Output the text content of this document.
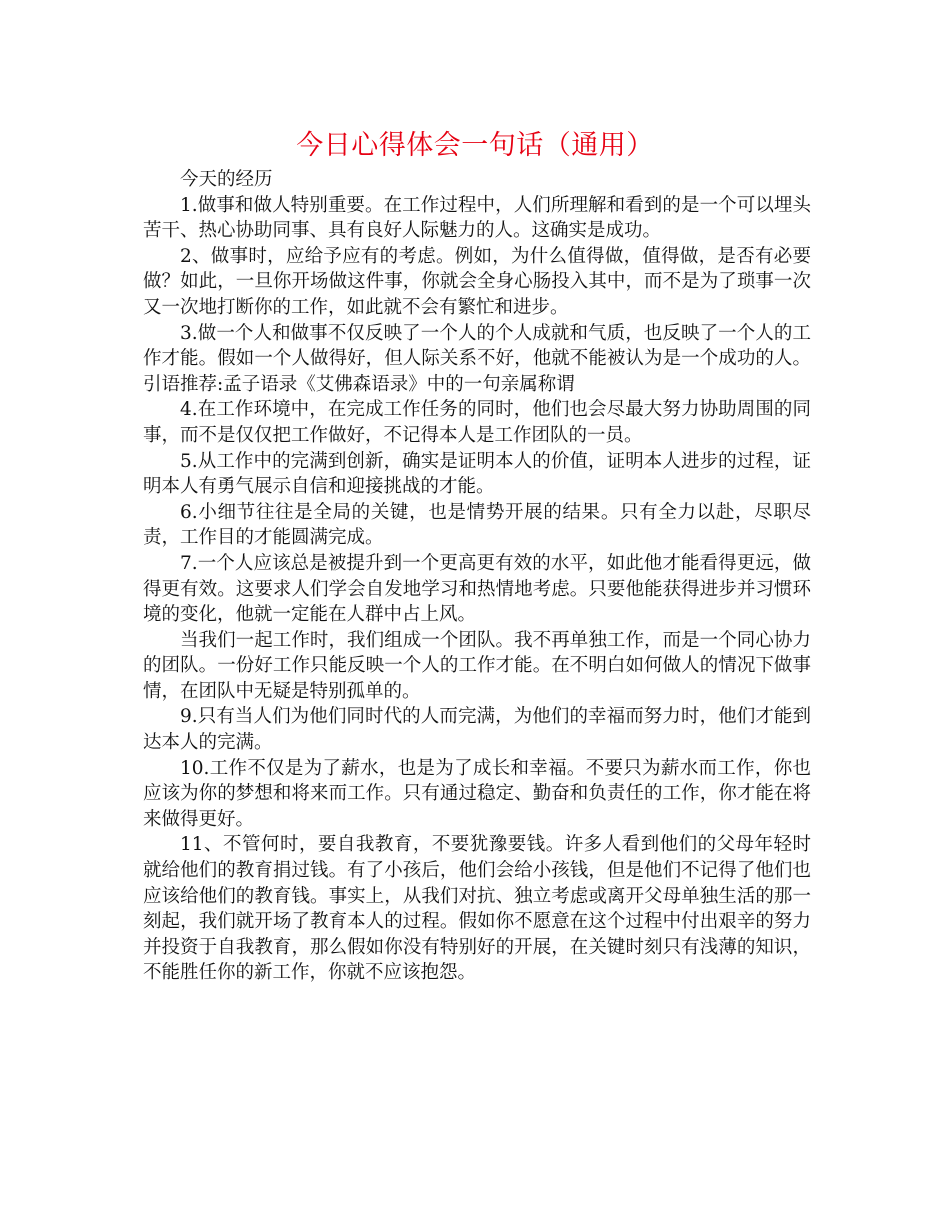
今日心得体会一句话（通用）

今天的经历

1.做事和做人特别重要。在工作过程中，人们所理解和看到的是一个可以埋头苦干、热心协助同事、具有良好人际魅力的人。这确实是成功。

2、做事时，应给予应有的考虑。例如，为什么值得做，值得做，是否有必要做？如此，一旦你开场做这件事，你就会全身心肠投入其中，而不是为了琐事一次又一次地打断你的工作，如此就不会有繁忙和进步。

3.做一个人和做事不仅反映了一个人的个人成就和气质，也反映了一个人的工作才能。假如一个人做得好，但人际关系不好，他就不能被认为是一个成功的人。引语推荐:孟子语录《艾佛森语录》中的一句亲属称谓

4.在工作环境中，在完成工作任务的同时，他们也会尽最大努力协助周围的同事，而不是仅仅把工作做好，不记得本人是工作团队的一员。

5.从工作中的完满到创新，确实是证明本人的价值，证明本人进步的过程，证明本人有勇气展示自信和迎接挑战的才能。

6.小细节往往是全局的关键，也是情势开展的结果。只有全力以赴，尽职尽责，工作目的才能圆满完成。

7.一个人应该总是被提升到一个更高更有效的水平，如此他才能看得更远，做得更有效。这要求人们学会自发地学习和热情地考虑。只要他能获得进步并习惯环境的变化，他就一定能在人群中占上风。

当我们一起工作时，我们组成一个团队。我不再单独工作，而是一个同心协力的团队。一份好工作只能反映一个人的工作才能。在不明白如何做人的情况下做事情，在团队中无疑是特别孤单的。

9.只有当人们为他们同时代的人而完满，为他们的幸福而努力时，他们才能到达本人的完满。

10.工作不仅是为了薪水，也是为了成长和幸福。不要只为薪水而工作，你也应该为你的梦想和将来而工作。只有通过稳定、勤奋和负责任的工作，你才能在将来做得更好。

11、不管何时，要自我教育，不要犹豫要钱。许多人看到他们的父母年轻时就给他们的教育捐过钱。有了小孩后，他们会给小孩钱，但是他们不记得了他们也应该给他们的教育钱。事实上，从我们对抗、独立考虑或离开父母单独生活的那一刻起，我们就开场了教育本人的过程。假如你不愿意在这个过程中付出艰辛的努力并投资于自我教育，那么假如你没有特别好的开展，在关键时刻只有浅薄的知识，不能胜任你的新工作，你就不应该抱怨。
